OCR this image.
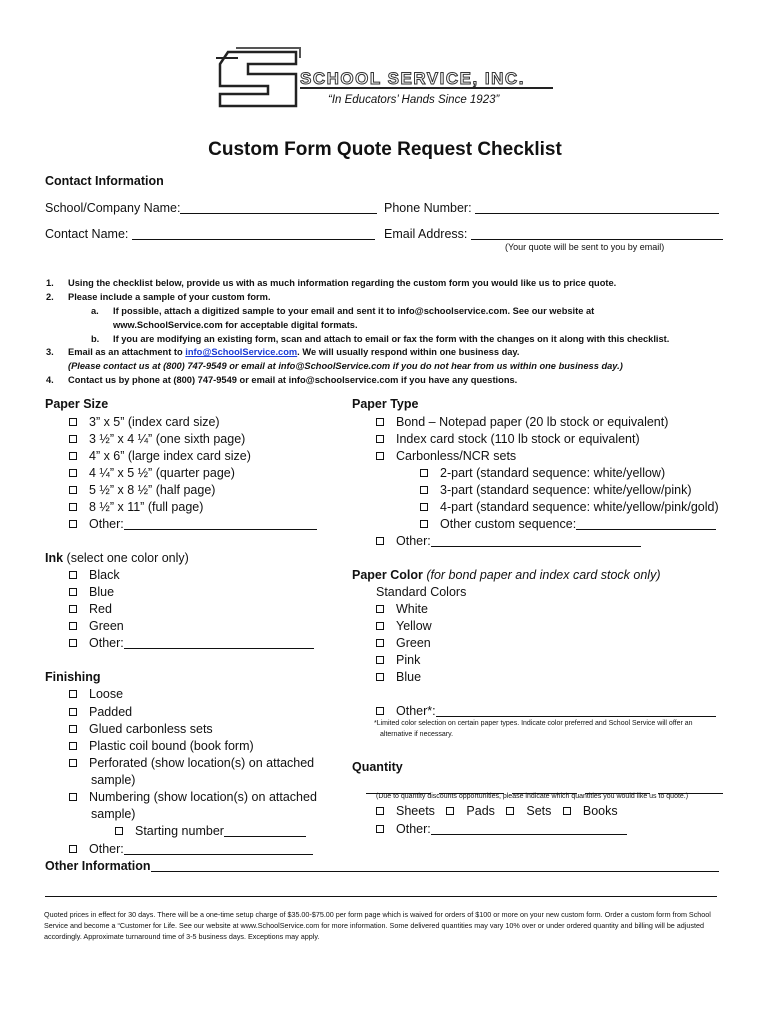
SCHOOL SERVICE, INC.
“In Educators’ Hands Since 1923”
Custom Form Quote Request Checklist
Contact Information
School/Company Name:	Phone Number:
Contact Name:	Email Address:
(Your quote will be sent to you by email)
1. Using the checklist below, provide us with as much information regarding the custom form you would like us to price quote.
2. Please include a sample of your custom form.
a. If possible, attach a digitized sample to your email and sent it to info@schoolservice.com. See our website at
www.SchoolService.com for acceptable digital formats.
b. If you are modifying an existing form, scan and attach to email or fax the form with the changes on it along with this checklist.
3. Email as an attachment to info@SchoolService.com. We will usually respond within one business day.
(Please contact us at (800) 747-9549 or email at info@SchoolService.com if you do not hear from us within one business day.)
4. Contact us by phone at (800) 747-9549 or email at info@schoolservice.com if you have any questions.
Paper Size
3” x 5” (index card size)
3 ½” x 4 ¼” (one sixth page)
4” x 6” (large index card size)
4 ¼” x 5 ½” (quarter page)
5 ½” x 8 ½” (half page)
8 ½” x 11” (full page)
Other:
Ink (select one color only)
Black
Blue
Red
Green
Other:
Finishing
Loose
Padded
Glued carbonless sets
Plastic coil bound (book form)
Perforated (show location(s) on attached
sample)
Numbering (show location(s) on attached
sample)
Starting number
Other:
Paper Type
Bond – Notepad paper (20 lb stock or equivalent)
Index card stock (110 lb stock or equivalent)
Carbonless/NCR sets
2-part (standard sequence: white/yellow)
3-part (standard sequence: white/yellow/pink)
4-part (standard sequence: white/yellow/pink/gold)
Other custom sequence:
Other:
Paper Color (for bond paper and index card stock only)
Standard Colors
White
Yellow
Green
Pink
Blue
Other*:
*Limited color selection on certain paper types. Indicate color preferred and School Service will offer an
alternative if necessary.
Quantity
(Due to quantity discounts opportunities, please indicate which quantities you would like us to quote.)
Sheets	Pads	Sets	Books
Other:
Other Information
Quoted prices in effect for 30 days. There will be a one-time setup charge of $35.00-$75.00 per form page which is waived for orders of $100 or more on your new custom form. Order a custom form from School Service and become a “Customer for Life. See our website at www.SchoolService.com for more information. Some delivered quantities may vary 10% over or under ordered quantity and billing will be adjusted accordingly. Approximate turnaround time of 3-5 business days. Exceptions may apply.
